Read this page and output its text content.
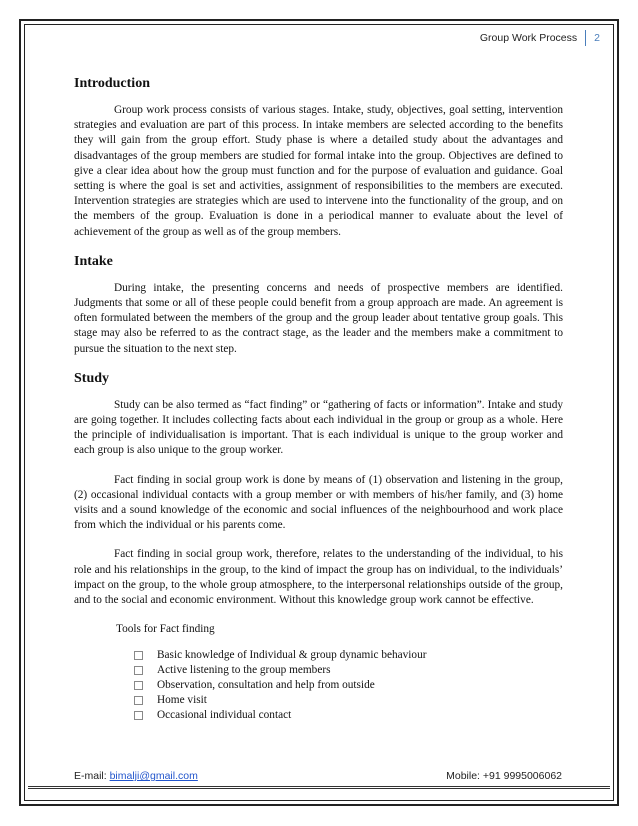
Group Work Process	2
Introduction

Group work process consists of various stages. Intake, study, objectives, goal setting, intervention strategies and evaluation are part of this process. In intake members are selected according to the benefits they will gain from the group effort. Study phase is where a detailed study about the advantages and disadvantages of the group members are studied for formal intake into the group. Objectives are defined to give a clear idea about how the group must function and for the purpose of evaluation and guidance. Goal setting is where the goal is set and activities, assignment of responsibilities to the members are executed. Intervention strategies are strategies which are used to intervene into the functionality of the group, and on the members of the group. Evaluation is done in a periodical manner to evaluate about the level of achievement of the group as well as of the group members.

Intake

During intake, the presenting concerns and needs of prospective members are identified. Judgments that some or all of these people could benefit from a group approach are made. An agreement is often formulated between the members of the group and the group leader about tentative group goals. This stage may also be referred to as the contract stage, as the leader and the members make a commitment to pursue the situation to the next step.

Study

Study can be also termed as “fact finding” or “gathering of facts or information”. Intake and study are going together. It includes collecting facts about each individual in the group or group as a whole. Here the principle of individualisation is important. That is each individual is unique to the group worker and each group is also unique to the group worker.

Fact finding in social group work is done by means of (1) observation and listening in the group, (2) occasional individual contacts with a group member or with members of his/her family, and (3) home visits and a sound knowledge of the economic and social influences of the neighbourhood and work place from which the individual or his parents come.

Fact finding in social group work, therefore, relates to the understanding of the individual, to his role and his relationships in the group, to the kind of impact the group has on individual, to the individuals’ impact on the group, to the whole group atmosphere, to the interpersonal relationships outside of the group, and to the social and economic environment. Without this knowledge group work cannot be effective.

Tools for Fact finding

Basic knowledge of Individual & group dynamic behaviour
Active listening to the group members
Observation, consultation and help from outside
Home visit
Occasional individual contact
E-mail: bimalji@gmail.com	Mobile: +91 9995006062
